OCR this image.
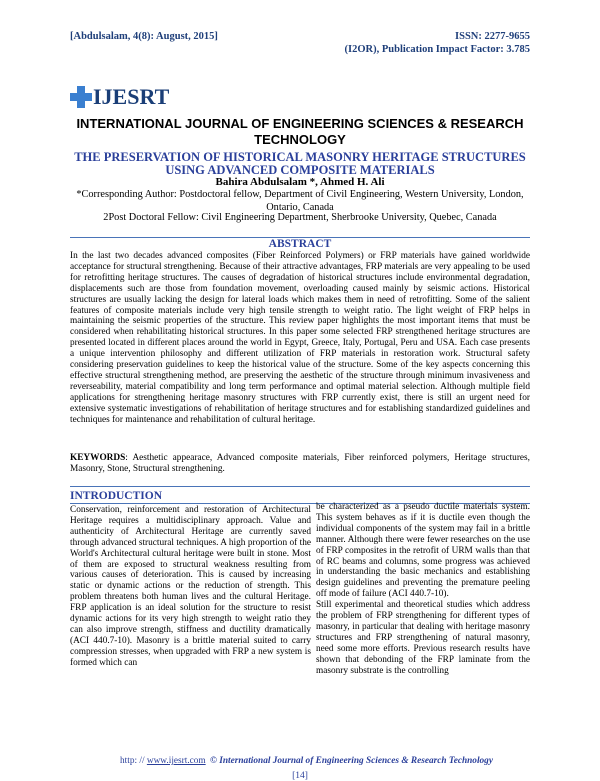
[Abdulsalam, 4(8): August, 2015]	ISSN: 2277-9655
(I2OR), Publication Impact Factor: 3.785
IJESRT
INTERNATIONAL JOURNAL OF ENGINEERING SCIENCES & RESEARCH TECHNOLOGY
THE PRESERVATION OF HISTORICAL MASONRY HERITAGE STRUCTURES USING ADVANCED COMPOSITE MATERIALS
Bahira Abdulsalam *, Ahmed H. Ali
*Corresponding Author: Postdoctoral fellow, Department of Civil Engineering, Western University, London, Ontario, Canada
2Post Doctoral Fellow: Civil Engineering Department, Sherbrooke University, Quebec, Canada
ABSTRACT
In the last two decades advanced composites (Fiber Reinforced Polymers) or FRP materials have gained worldwide acceptance for structural strengthening. Because of their attractive advantages, FRP materials are very appealing to be used for retrofitting heritage structures. The causes of degradation of historical structures include environmental degradation, displacements such are those from foundation movement, overloading caused mainly by seismic actions. Historical structures are usually lacking the design for lateral loads which makes them in need of retrofitting. Some of the salient features of composite materials include very high tensile strength to weight ratio. The light weight of FRP helps in maintaining the seismic properties of the structure. This review paper highlights the most important items that must be considered when rehabilitating historical structures. In this paper some selected FRP strengthened heritage structures are presented located in different places around the world in Egypt, Greece, Italy, Portugal, Peru and USA. Each case presents a unique intervention philosophy and different utilization of FRP materials in restoration work. Structural safety considering preservation guidelines to keep the historical value of the structure. Some of the key aspects concerning this effective structural strengthening method, are preserving the aesthetic of the structure through minimum invasiveness and reverseability, material compatibility and long term performance and optimal material selection. Although multiple field applications for strengthening heritage masonry structures with FRP currently exist, there is still an urgent need for extensive systematic investigations of rehabilitation of heritage structures and for establishing standardized guidelines and techniques for maintenance and rehabilitation of cultural heritage.
KEYWORDS: Aesthetic appearace, Advanced composite materials, Fiber reinforced polymers, Heritage structures, Masonry, Stone, Structural strengthening.
INTRODUCTION
Conservation, reinforcement and restoration of Architectural Heritage requires a multidisciplinary approach. Value and authenticity of Architectural Heritage are currently saved through advanced structural techniques. A high proportion of the World's Architectural cultural heritage were built in stone. Most of them are exposed to structural weakness resulting from various causes of deterioration. This is caused by increasing static or dynamic actions or the reduction of strength. This problem threatens both human lives and the cultural Heritage. FRP application is an ideal solution for the structure to resist dynamic actions for its very high strength to weight ratio they can also improve strength, stiffness and ductility dramatically (ACI 440.7-10). Masonry is a brittle material suited to carry compression stresses, when upgraded with FRP a new system is formed which can
be characterized as a pseudo ductile materials system. This system behaves as if it is ductile even though the individual components of the system may fail in a brittle manner. Although there were fewer researches on the use of FRP composites in the retrofit of URM walls than that of RC beams and columns, some progress was achieved in understanding the basic mechanics and establishing design guidelines and preventing the premature peeling off mode of failure (ACI 440.7-10).
Still experimental and theoretical studies which address the problem of FRP strengthening for different types of masonry, in particular that dealing with heritage masonry structures and FRP strengthening of natural masonry, need some more efforts. Previous research results have shown that debonding of the FRP laminate from the masonry substrate is the controlling
http: // www.ijesrt.com © International Journal of Engineering Sciences & Research Technology
[14]
